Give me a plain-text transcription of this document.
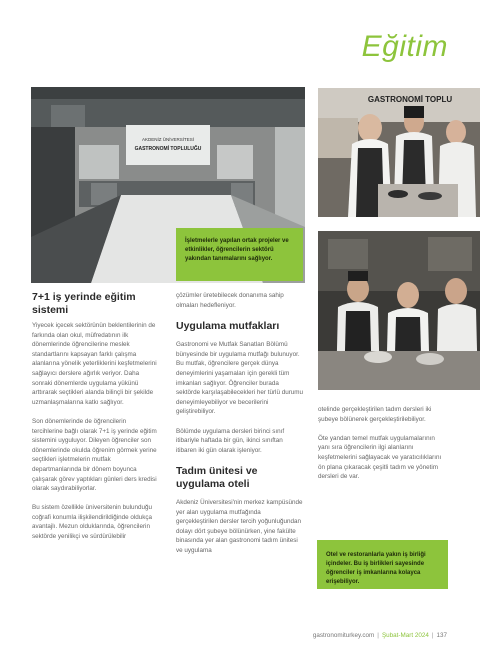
Eğitim
AKDENİZ ÜNİVERSİTESİ
GASTRONOMİ TOPLULUĞU
İşletmelerle yapılan ortak projeler ve etkinlikler, öğrencilerin sektörü yakından tanımalarını sağlıyor.
GASTRONOMİ TOPLU
7+1 iş yerinde eğitim sistemi

Yiyecek içecek sektörünün beklentilerinin de farkında olan okul, müfredatının ilk dönemlerinde öğrencilerine meslek standartlarını kapsayan farklı çalışma alanlarına yönelik yeterliklerini keşfetmelerini sağlayıcı derslere ağırlık veriyor. Daha sonraki dönemlerde uygulama yükünü arttırarak seçtikleri alanda bilinçli bir şekilde uzmanlaşmalarına katkı sağlıyor.

Son dönemlerinde de öğrencilerin tercihlerine bağlı olarak 7+1 iş yerinde eğitim sistemini uyguluyor. Dileyen öğrenciler son dönemlerinde okulda öğrenim görmek yerine seçtikleri işletmelerin mutfak departmanlarında bir dönem boyunca çalışarak görev yaptıkları günleri ders kredisi olarak saydırabiliyorlar.

Bu sistem özellikle üniversitenin bulunduğu coğrafi konumla ilişkilendirildiğinde oldukça avantajlı. Mezun olduklarında, öğrencilerin sektörde yenilikçi ve sürdürülebilir

çözümler üretebilecek donanıma sahip olmaları hedefleniyor.

Uygulama mutfakları

Gastronomi ve Mutfak Sanatları Bölümü bünyesinde bir uygulama mutfağı bulunuyor. Bu mutfak, öğrencilere gerçek dünya deneyimlerini yaşamaları için gerekli tüm imkanları sağlıyor. Öğrenciler burada sektörde karşılaşabilecekleri her türlü durumu deneyimleyebiliyor ve becerilerini geliştirebiliyor.

Bölümde uygulama dersleri birinci sınıf itibariyle haftada bir gün, ikinci sınıftan itibaren iki gün olarak işleniyor.

Tadım ünitesi ve uygulama oteli

Akdeniz Üniversitesi'nin merkez kampüsünde yer alan uygulama mutfağında gerçekleştirilen dersler tercih yoğunluğundan dolayı dört şubeye bölünürken, yine fakülte binasında yer alan gastronomi tadım ünitesi ve uygulama

otelinde gerçekleştirilen tadım dersleri iki şubeye bölünerek gerçekleştirilebiliyor.

Öte yandan temel mutfak uygulamalarının yanı sıra öğrencilerin ilgi alanlarını keşfetmelerini sağlayacak ve yaratıcılıklarını ön plana çıkaracak çeşitli tadım ve yönetim dersleri de var.

Otel ve restoranlarla yakın iş birliği içindeler. Bu iş birlikleri sayesinde öğrenciler iş imkanlarına kolayca erişebiliyor.
gastronomiturkey.com | Şubat-Mart 2024 | 137
